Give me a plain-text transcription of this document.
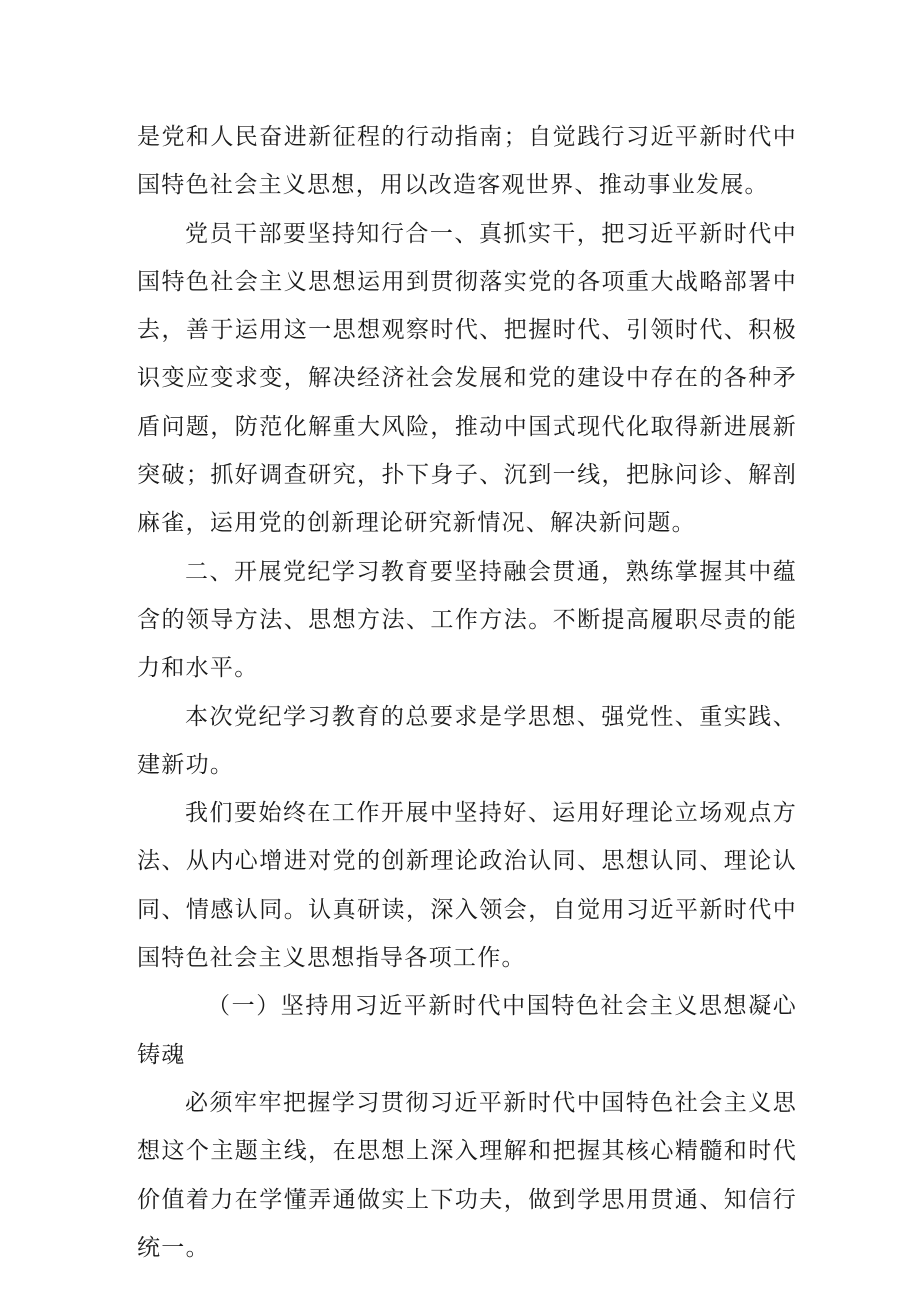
是党和人民奋进新征程的行动指南；自觉践行习近平新时代中国特色社会主义思想，用以改造客观世界、推动事业发展。

党员干部要坚持知行合一、真抓实干，把习近平新时代中国特色社会主义思想运用到贯彻落实党的各项重大战略部署中去，善于运用这一思想观察时代、把握时代、引领时代、积极识变应变求变，解决经济社会发展和党的建设中存在的各种矛盾问题，防范化解重大风险，推动中国式现代化取得新进展新突破；抓好调查研究，扑下身子、沉到一线，把脉问诊、解剖麻雀，运用党的创新理论研究新情况、解决新问题。

二、开展党纪学习教育要坚持融会贯通，熟练掌握其中蕴含的领导方法、思想方法、工作方法。不断提高履职尽责的能力和水平。

本次党纪学习教育的总要求是学思想、强党性、重实践、建新功。

我们要始终在工作开展中坚持好、运用好理论立场观点方法、从内心增进对党的创新理论政治认同、思想认同、理论认同、情感认同。认真研读，深入领会，自觉用习近平新时代中国特色社会主义思想指导各项工作。

（一）坚持用习近平新时代中国特色社会主义思想凝心铸魂

必须牢牢把握学习贯彻习近平新时代中国特色社会主义思想这个主题主线，在思想上深入理解和把握其核心精髓和时代价值着力在学懂弄通做实上下功夫，做到学思用贯通、知信行统一。
